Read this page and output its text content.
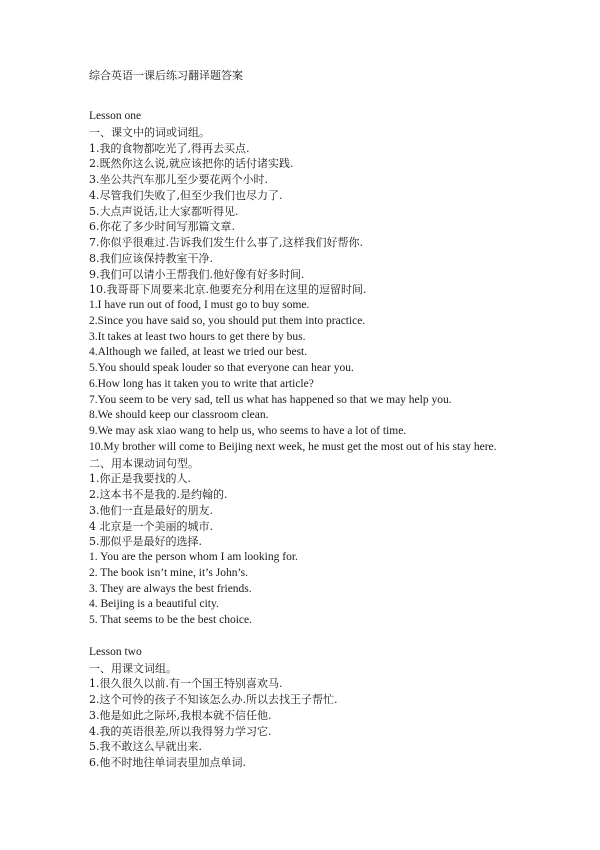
综合英语一课后练习翻译题答案
Lesson one
一、课文中的词或词组。
1.我的食物都吃光了,得再去买点.
2.既然你这么说,就应该把你的话付诸实践.
3.坐公共汽车那儿至少要花两个小时.
4.尽管我们失败了,但至少我们也尽力了.
5.大点声说话,让大家都听得见.
6.你花了多少时间写那篇文章.
7.你似乎很难过.告诉我们发生什么事了,这样我们好帮你.
8.我们应该保持教室干净.
9.我们可以请小王帮我们.他好像有好多时间.
10.我哥哥下周要来北京.他要充分利用在这里的逗留时间.
1.I have run out of food, I must go to buy some.
2.Since you have said so, you should put them into practice.
3.It takes at least two hours to get there by bus.
4.Although we failed, at least we tried our best.
5.You should speak louder so that everyone can hear you.
6.How long has it taken you to write that article?
7.You seem to be very sad, tell us what has happened so that we may help you.
8.We should keep our classroom clean.
9.We may ask xiao wang to help us, who seems to have a lot of time.
10.My brother will come to Beijing next week, he must get the most out of his stay here.
二、用本课动词句型。
1.你正是我要找的人.
2.这本书不是我的.是约翰的.
3.他们一直是最好的朋友.
4 北京是一个美丽的城市.
5.那似乎是最好的选择.
1. You are the person whom I am looking for.
2. The book isn’t mine, it’s John’s.
3. They are always the best friends.
4. Beijing is a beautiful city.
5. That seems to be the best choice.
Lesson two
一、用课文词组。
1.很久很久以前.有一个国王特别喜欢马.
2.这个可怜的孩子不知该怎么办.所以去找王子帮忙.
3.他是如此之际坏,我根本就不信任他.
4.我的英语很差,所以我得努力学习它.
5.我不敢这么早就出来.
6.他不时地往单词表里加点单词.
